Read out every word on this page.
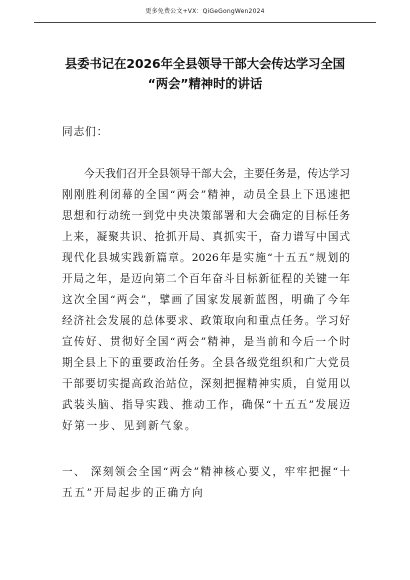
更多免费公文+VX：QiGeGongWen2024
县委书记在2026年全县领导干部大会传达学习全国
“两会”精神时的讲话
同志们：
今天我们召开全县领导干部大会，主要任务是，传达学习
刚刚胜利闭幕的全国“两会”精神，动员全县上下迅速把
思想和行动统一到党中央决策部署和大会确定的目标任务
上来，凝聚共识、抢抓开局、真抓实干，奋力谱写中国式
现代化县城实践新篇章。2026年是实施“十五五”规划的
开局之年，是迈向第二个百年奋斗目标新征程的关键一年
这次全国“两会”，擘画了国家发展新蓝图，明确了今年
经济社会发展的总体要求、政策取向和重点任务。学习好
宣传好、贯彻好全国“两会”精神，是当前和今后一个时
期全县上下的重要政治任务。全县各级党组织和广大党员
干部要切实提高政治站位，深刻把握精神实质，自觉用以
武装头脑、指导实践、推动工作，确保“十五五”发展迈
好第一步、见到新气象。
一、 深刻领会全国“两会”精神核心要义，牢牢把握“十
五五”开局起步的正确方向
